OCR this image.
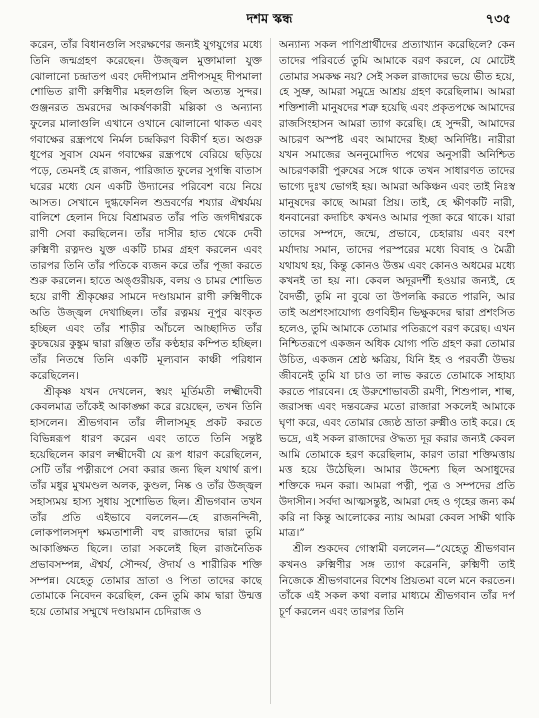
দশম স্কন্ধ	৭৩৫

করেন, তাঁর বিধানগুলি সংরক্ষণের জন্যই যুগযুগের মধ্যে তিনি জন্মগ্রহণ করেছেন। উজ্জ্বল মুক্তামালা যুক্ত ঝোলানো চন্দ্রাতপ এবং দেদীপ্যমান প্রদীপসমূহ দীপমালা শোভিত রাণী রুক্মিণীর মহলগুলি ছিল অত্যন্ত সুন্দর। গুঞ্জনরত ভ্রমরদের আকর্ষণকারী মল্লিকা ও অন্যান্য ফুলের মালাগুলি এখানে ওখানে ঝোলানো থাকত এবং গবাক্ষের রন্ধ্রপথে নির্মল চন্দ্রকিরণ বিকীর্ণ হত। অগুরু ধূপের সুবাস যেমন গবাক্ষের রন্ধ্রপথে বেরিয়ে ছড়িয়ে পড়ে, তেমনই হে রাজন, পারিজাত ফুলের সুগন্ধি বাতাস ঘরের মধ্যে যেন একটি উদ্যানের পরিবেশ বয়ে নিয়ে আসত। সেখানে দুগ্ধফেনিল শুভ্রবর্ণের শয্যার ঐশ্বর্যময় বালিশে হেলান দিয়ে বিশ্রামরত তাঁর পতি জগদীশ্বরকে রাণী সেবা করছিলেন। তাঁর দাসীর হাত থেকে দেবী রুক্মিণী রত্নদণ্ড যুক্ত একটি চামর গ্রহণ করলেন এবং তারপর তিনি তাঁর পতিকে ব্যজন করে তাঁর পূজা করতে শুরু করলেন। হাতে অঙ্গুরীয়ক, বলয় ও চামর শোভিত হয়ে রাণী শ্রীকৃষ্ণের সামনে দণ্ডায়মান রাণী রুক্মিণীকে অতি উজ্জ্বল দেখাচ্ছিল। তাঁর রত্নময় নূপুর ঝংকৃত হচ্ছিল এবং তাঁর শাড়ীর আঁচলে আচ্ছাদিত তাঁর কুচদ্বয়ের কুঙ্কুম দ্বারা রঞ্জিত তাঁর কণ্ঠহার কম্পিত হচ্ছিল। তাঁর নিতম্বে তিনি একটি মূল্যবান কাঞ্চী পরিধান করেছিলেন।

শ্রীকৃষ্ণ যখন দেখলেন, স্বয়ং মূর্তিমতী লক্ষ্মীদেবী কেবলমাত্র তাঁকেই আকাঙ্ক্ষা করে রয়েছেন, তখন তিনি হাসলেন। শ্রীভগবান তাঁর লীলাসমূহ প্রকট করতে বিভিন্নরূপ ধারণ করেন এবং তাতে তিনি সন্তুষ্ট হয়েছিলেন কারণ লক্ষ্মীদেবী যে রূপ ধারণ করেছিলেন, সেটি তাঁর পত্নীরূপে সেবা করার জন্য ছিল যথার্থ রূপ। তাঁর মধুর মুখমণ্ডল অলক, কুণ্ডল, নিষ্ক ও তাঁর উজ্জ্বল সহাস্যময় হাস্য সুধায় সুশোভিত ছিল। শ্রীভগবান তখন তাঁর প্রতি এইভাবে বললেন—হে রাজনন্দিনী, লোকপালসদৃশ ক্ষমতাশালী বহু রাজাদের দ্বারা তুমি আকাঙ্ক্ষিত ছিলে। তারা সকলেই ছিল রাজনৈতিক প্রভাবসম্পন্ন, ঐশ্বর্য, সৌন্দর্য, ঔদার্য ও শারীরিক শক্তি সম্পন্ন। যেহেতু তোমার ভ্রাতা ও পিতা তাদের কাছে তোমাকে নিবেদন করেছিল, কেন তুমি কাম দ্বারা উন্মত্ত হয়ে তোমার সম্মুখে দণ্ডায়মান চেদিরাজ ও

অন্যান্য সকল পাণিপ্রার্থীদের প্রত্যাখ্যান করেছিলে? কেন তাদের পরিবর্তে তুমি আমাকে বরণ করলে, যে মোটেই তোমার সমকক্ষ নয়? সেই সকল রাজাদের ভয়ে ভীত হয়ে, হে সুভ্রু, আমরা সমুদ্রে আশ্রয় গ্রহণ করেছিলাম। আমরা শক্তিশালী মানুষদের শত্রু হয়েছি এবং প্রকৃতপক্ষে আমাদের রাজসিংহাসন আমরা ত্যাগ করেছি। হে সুন্দরী, আমাদের আচরণ অস্পষ্ট এবং আমাদের ইচ্ছা অনির্দিষ্ট। নারীরা যখন সমাজের অননুমোদিত পথের অনুসারী অনিশ্চিত আচরণকারী পুরুষের সঙ্গে থাকে তখন সাধারণত তাদের ভাগ্যে দুঃখ ভোগই হয়। আমরা অকিঞ্চন এবং তাই নিঃস্ব মানুষদের কাছে আমরা প্রিয়। তাই, হে ক্ষীণকটি নারী, ধনবানেরা কদাচিৎ কখনও আমার পূজা করে থাকে। যারা তাদের সম্পদে, জন্মে, প্রভাবে, চেহারায় এবং বংশ মর্যাদায় সমান, তাদের পরস্পরের মধ্যে বিবাহ ও মৈত্রী যথাযথ হয়, কিন্তু কোনও উত্তম এবং কোনও অধমের মধ্যে কখনই তা হয় না। কেবল অদূরদর্শী হওয়ার জন্যই, হে বৈদর্ভী, তুমি না বুঝে তা উপলব্ধি করতে পারনি, আর তাই অপ্রশংসাযোগ্য গুণবিহীন ভিক্ষুকদের দ্বারা প্রশংসিত হলেও, তুমি আমাকে তোমার পতিরূপে বরণ করেছ। এখন নিশ্চিতরূপে একজন অধিক যোগ্য পতি গ্রহণ করা তোমার উচিত, একজন শ্রেষ্ঠ ক্ষত্রিয়, যিনি ইহ ও পরবর্তী উভয় জীবনেই তুমি যা চাও তা লাভ করতে তোমাকে সাহায্য করতে পারবেন। হে উরুশোভাবতী রমণী, শিশুপাল, শাল্ব, জরাসন্ধ এবং দন্তবক্রের মতো রাজারা সকলেই আমাকে ঘৃণা করে, এবং তোমার জ্যেষ্ঠ ভ্রাতা রুক্মীও তাই করে। হে ভদ্রে, এই সকল রাজাদের ঔদ্ধত্য দূর করার জন্যই কেবল আমি তোমাকে হরণ করেছিলাম, কারণ তারা শক্তিমত্তায় মত্ত হয়ে উঠেছিল। আমার উদ্দেশ্য ছিল অসাধুদের শক্তিকে দমন করা। আমরা পত্নী, পুত্র ও সম্পদের প্রতি উদাসীন। সর্বদা আত্মসন্তুষ্ট, আমরা দেহ ও গৃহের জন্য কর্ম করি না কিন্তু আলোকের ন্যায় আমরা কেবল সাক্ষী থাকি মাত্র।”

শ্রীল শুকদেব গোস্বামী বললেন—“যেহেতু শ্রীভগবান কখনও রুক্মিণীর সঙ্গ ত্যাগ করেননি, রুক্মিণী তাই নিজেকে শ্রীভগবানের বিশেষ প্রিয়তমা বলে মনে করতেন। তাঁকে এই সকল কথা বলার মাধ্যমে শ্রীভগবান তাঁর দর্প চূর্ণ করলেন এবং তারপর তিনি
